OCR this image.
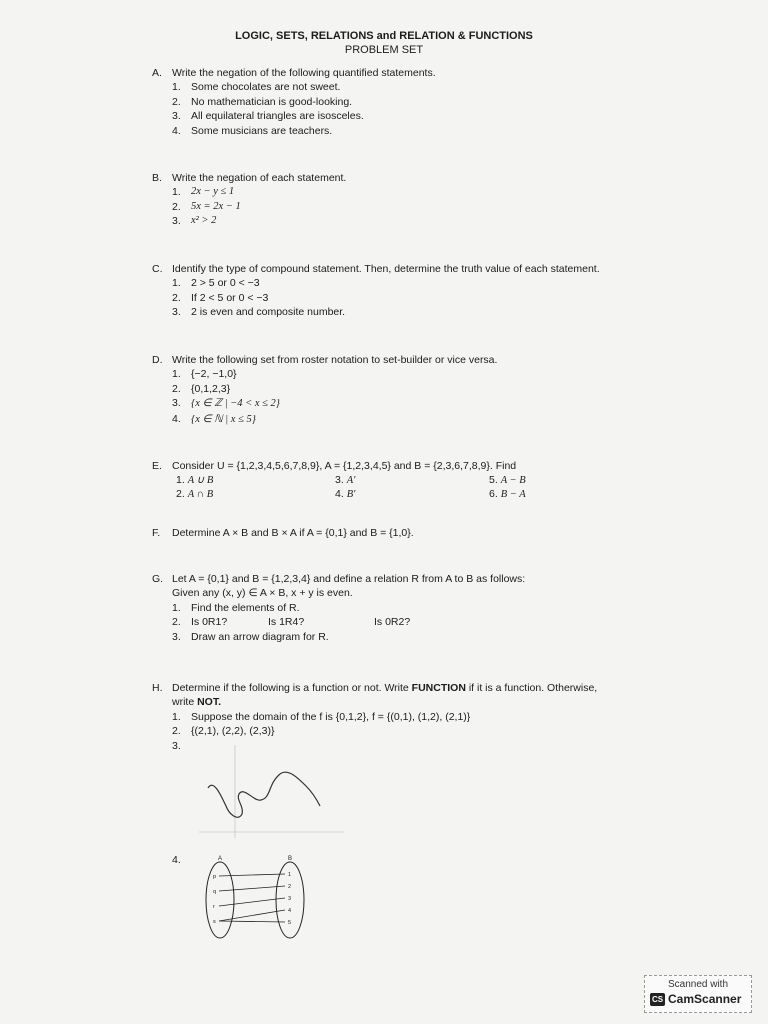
LOGIC, SETS, RELATIONS and RELATION & FUNCTIONS
PROBLEM SET
A. Write the negation of the following quantified statements.
1. Some chocolates are not sweet.
2. No mathematician is good-looking.
3. All equilateral triangles are isosceles.
4. Some musicians are teachers.
B. Write the negation of each statement.
1. 2x − y ≤ 1
2. 5x = 2x − 1
3. x² > 2
C. Identify the type of compound statement. Then, determine the truth value of each statement.
1. 2 > 5 or 0 < −3
2. If 2 < 5 or 0 < −3
3. 2 is even and composite number.
D. Write the following set from roster notation to set-builder or vice versa.
1. {−2, −1,0}
2. {0,1,2,3}
3. {x ∈ ℤ | −4 < x ≤ 2}
4. {x ∈ ℕ | x ≤ 5}
E. Consider U = {1,2,3,4,5,6,7,8,9}, A = {1,2,3,4,5} and B = {2,3,6,7,8,9}. Find
1. A ∪ B
2. A ∩ B
3. A′
4. B′
5. A − B
6. B − A
F. Determine A × B and B × A if A = {0,1} and B = {1,0}.
G. Let A = {0,1} and B = {1,2,3,4} and define a relation R from A to B as follows:
Given any (x, y) ∈ A × B, x + y is even.
1. Find the elements of R.
2. Is 0R1?	Is 1R4?	Is 0R2?
3. Draw an arrow diagram for R.
H. Determine if the following is a function or not. Write FUNCTION if it is a function. Otherwise,
write NOT.
1. Suppose the domain of the f is {0,1,2}, f = {(0,1), (1,2), (2,1)}
2. {(2,1), (2,2), (2,3)}
3.
4.	A	B
p
q
r
s
1
2
3
4
5
Scanned with
CS CamScanner
